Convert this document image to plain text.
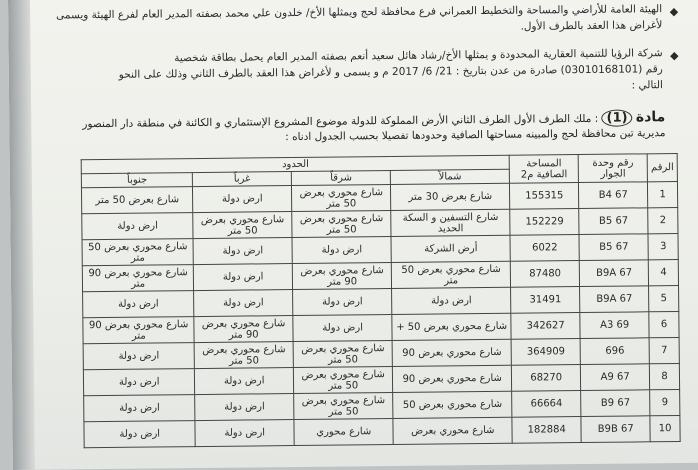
◆
الهيئة العامة للأراضي والمساحة والتخطيط العمراني فرع محافظة لحج ويمثلها الأخ/ خلدون علي محمد بصفته المدير العام لفرع الهيئة ويسمى لأغراض هذا العقد بالطرف الأول.
◆
شركة الرؤيا للتنمية العقارية المحدودة و يمثلها الأخ/رشاد هائل سعيد أنعم بصفته المدير العام يحمل بطاقة شخصية
رقم (03010168101) صادرة من عدن بتاريخ : 21/ 6/ 2017 م و يسمى و لأغراض هذا العقد بالطرف الثاني وذلك على النحو
التالي :
مادة (1) : ملك الطرف الأول الطرف الثاني الأرض المملوكة للدولة موضوع المشروع الإستثماري و الكائنة في منطقة دار المنصور
مديرية تبن محافظة لحج والمبينه مساحتها الصافية وحدودها تفصيلا بحسب الجدول ادناه :
الرقم	رقم وحدة الجوار	المساحة الصافية م2	الحدود			
			شمالاً	شرقاً	غرباً	جنوباً
1	67 B4	155315	شارع بعرض 30 متر	شارع محوري بعرض 50 متر	ارض دولة	شارع بعرض 50 متر
2	67 B5	152229	شارع التسفين و السكة الحديد	شارع محوري بعرض 50 متر	شارع محوري بعرض 50 متر	ارض دولة
3	67 B5	6022	أرض الشركة	ارض دولة	ارض دولة	شارع محوري بعرض 50 متر
4	67 B9A	87480	شارع محوري بعرض 50 متر	شارع محوري بعرض 90 متر	ارض دولة	شارع محوري بعرض 90 متر
5	67 B9A	31491	ارض دولة	ارض دولة	ارض دولة	ارض دولة
6	69 A3	342627	شارع محوري بعرض 50 +	ارض دولة	شارع محوري بعرض 90 متر	شارع محوري بعرض 90 متر
7	696	364909	شارع محوري بعرض 90	شارع محوري بعرض 50 متر	شارع محوري بعرض 50 متر	ارض دولة
8	67 A9	68270	شارع محوري بعرض 90	شارع محوري بعرض 50 متر	ارض دولة	ارض دولة
9	67 B9	66664	شارع محوري بعرض 50	شارع محوري بعرض 50 متر	ارض دولة	ارض دولة
10	67 B9B	182884	شارع محوري بعرض	شارع محوري	ارض دولة	ارض دولة
